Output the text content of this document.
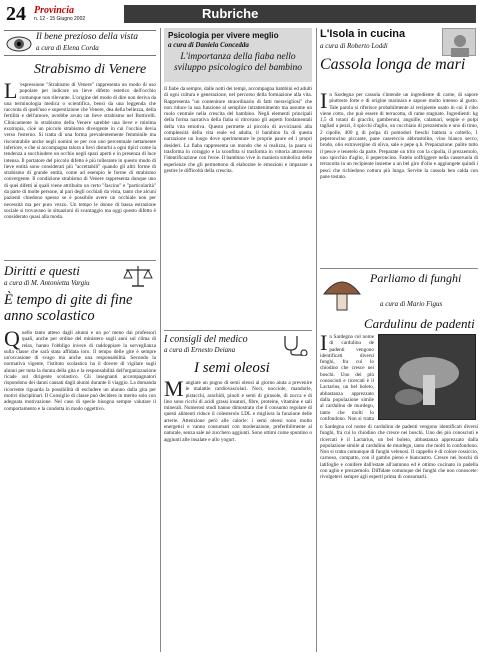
24 Provincia
n. 12 - 15 Giugno 2002	Rubriche
Il bene prezioso della vista
a cura di Elena Corda
Strabismo di Venere
L 'espressione "Strabismo di Venere" rappresenta un modo di uso popolare per indicare un lieve difetto estetico dell'occhio comunque non rilevante. L'origine del modo di dire non deriva da una terminologia medica o scientifica, bensì da una leggenda che racconta di quell'uso e superstizione che Venere, dea della bellezza, della fertilità e dell'amore, avrebbe avuto un lieve strabismo nel Botticelli. Clinicamente lo strabismo della Venere sarebbe una lieve e minima exotropia, cioè un piccolo strabismo divergente in cui l'occhio devia verso l'esterno. Si tratta di una forma prevalentemente femminile ma riscontrabile anche negli uomini se per con uno percentuale nettamente inferiore, e che si accompagna talora a lievi disturbi a ogni tipici come la tendenza a socchiudere un occhio negli spazi aperti e in presenza di luce intensa. Il portatore del piccolo difetto è più tollerante in questo modo di lieve entità sono considerati più "accettabili" quando gli altri forme di strabismo di grande entità, come ad esempio le forme di strabismo convergente. Il condizione strabismo di Venere rappresenta dunque uno di quei difetti ai quali viene attribuito un certo "fascino" e "particolarità" da parte di molte persone, al pari degli occhiali da vista, tanto che alcuni pazienti chiedono spesso se è possibile avere un occhiale non per necessità ma per puro vezzo. Un tempo le donne di bassa estrazione sociale si trovavano in situazioni di svantaggio ma oggi questo difetto è considerato quasi alla moda.
Diritti e questi
a cura di M. Antonietta Vargiu
È tempo di gite di fine anno scolastico
Quello tanto atteso dagli alunni e un po' meno dai professori quali, anche per ordine del ministero sugli anni sul clima di relax, hanno l'obbligo invece di raddoppiare la sorveglianza sulla classe che sarà stata affidata loro. Il tempo delle gite è sempre un'occasione di svago ma anche una responsabilità. Secondo la normativa vigente, l'istituto scolastico ha il dovere di vigilare sugli alunni per tutta la durata della gita e la responsabilità dell'organizzazione ricade sul dirigente scolastico. Gli insegnanti accompagnatori rispondono dei danni causati dagli alunni durante il viaggio. La domanda ricorrente riguarda la possibilità di escludere un alunno dalla gita per motivi disciplinari. Il Consiglio di classe può decidere in merito solo con adeguata motivazione. Nel caso di specie bisogna sempre valutare il comportamento e la condotta in modo oggettivo.
Psicologia per vivere meglio
a cura di Daniela Concedda
L'importanza della fiaba nello sviluppo psicologico del bambino
Il fiabe da sempre, dalle notti dei tempi, accompagna bambini ed adulti di ogni cultura e generazione, nel percorso della formazione alla vita. Rappresenta "un contenitore straordinario di fatti meravigliosi" che non riduce la sua funzione al semplice intrattenimento ma assume un ruolo centrale nella crescita del bambino. Negli elementi principali della forma narrativa della fiaba si ritrovano gli aspetti fondamentali della vita emotiva. Questo permette al piccolo di avvicinarsi alla complessità della vita reale ed adulta, il bambino fa di questa narrazione un luogo dove sperimentare le proprie paure ed i propri desideri. La fiaba rappresenta un mondo che si realizza, la paura si trasforma in coraggio e la sconfitta si trasforma in vittoria attraverso l'identificazione con l'eroe. Il bambino vive in maniera simbolica delle esperienze che gli permettono di elaborare le emozioni e imparare a gestire le difficoltà della crescita.
I consigli del medico
a cura di Ernesto Deiana
I semi oleosi
Mangiare un pugno di semi oleosi al giorno aiuta a prevenire le malattie cardiovascolari. Noci, nocciole, mandorle, pistacchi, arachidi, pinoli e semi di girasole, di zucca e di lino sono ricchi di acidi grassi insaturi, fibre, proteine, vitamine e sali minerali. Numerosi studi hanno dimostrato che il consumo regolare di questi alimenti riduce il colesterolo LDL e migliora la funzione delle arterie. Attenzione però alle calorie: i semi oleosi sono molto energetici e vanno consumati con moderazione, preferibilmente al naturale, senza sale né zucchero aggiunti. Sono ottimi come spuntino o aggiunti alle insalate e allo yogurt.
L'Isola in cucina
a cura di Roberto Loddi
Cassola longa de mari
In Sardegna per cassola s'intende un ingrediente di carne, di sapore piuttosto forte e di origine marinara e sapore molto intenso al gusto. Tale parola si riferisce probabilmente al recipiente usato in cui il cibo viene cotto, che può essere di terracotta, di rame stagnato. Ingredienti: kg 1,5 di totani di gracchi, gamberoni, anguille, calamari, seppie e polpi tagliati a pezzi, 4 spicchi d'aglio, un cucchiaio di prezzemolo e uno di timo, 2 cipolle, 400 g di polpa di pomodori freschi battuta a coltello, 1 peperoncino piccante, pane casereccio abbrustolito, vino bianco secco, brodo, olio extravergine di oliva, sale e pepe q.b. Preparazione: pulite tutto il pesce e tenetelo da parte. Preparate un trito con la cipolla, il prezzemolo, uno spicchio d'aglio, il peperoncino. Fatelo soffriggere nella casseruola di terracotta in un recipiente insieme a un bel giro d'olio e aggiungete quindi i pesci che richiedono cottura più lunga. Servite la cassola ben calda con pane tostato.
Parliamo di funghi
a cura di Mario Figus
Cardulinu de padenti
In Sardegna col nome di cardulinu de padenti vengono identificati diversi funghi, fra cui lo chiodino che cresce nei boschi. Uno dei più conosciuti e ricercati è il Lactarius, un bel boleto, abbastanza apprezzato dalla popolazione simile al cardulinu de murdegu, tanto che molti lo confondono. Non si tratta
n Sardegna col nome di cardulinu de padenti vengono identificati diversi funghi, fra cui lo chiodino che cresce nei boschi. Uno dei più conosciuti e ricercati è il Lactarius, un bel boleto, abbastanza apprezzato dalla popolazione simile al cardulinu de murdegu, tanto che molti lo confondono. Non si tratta comunque di funghi velenosi. Il cappello è di colore rossiccio, carnoso, compatto, con il gambo pieno e biancastro. Cresce nei boschi di latifoglie e conifere dall'estate all'autunno ed è ottimo cucinato in padella con aglio e prezzemolo. Diffidate comunque dei funghi che non conoscete: rivolgetevi sempre agli esperti prima di consumarli.
